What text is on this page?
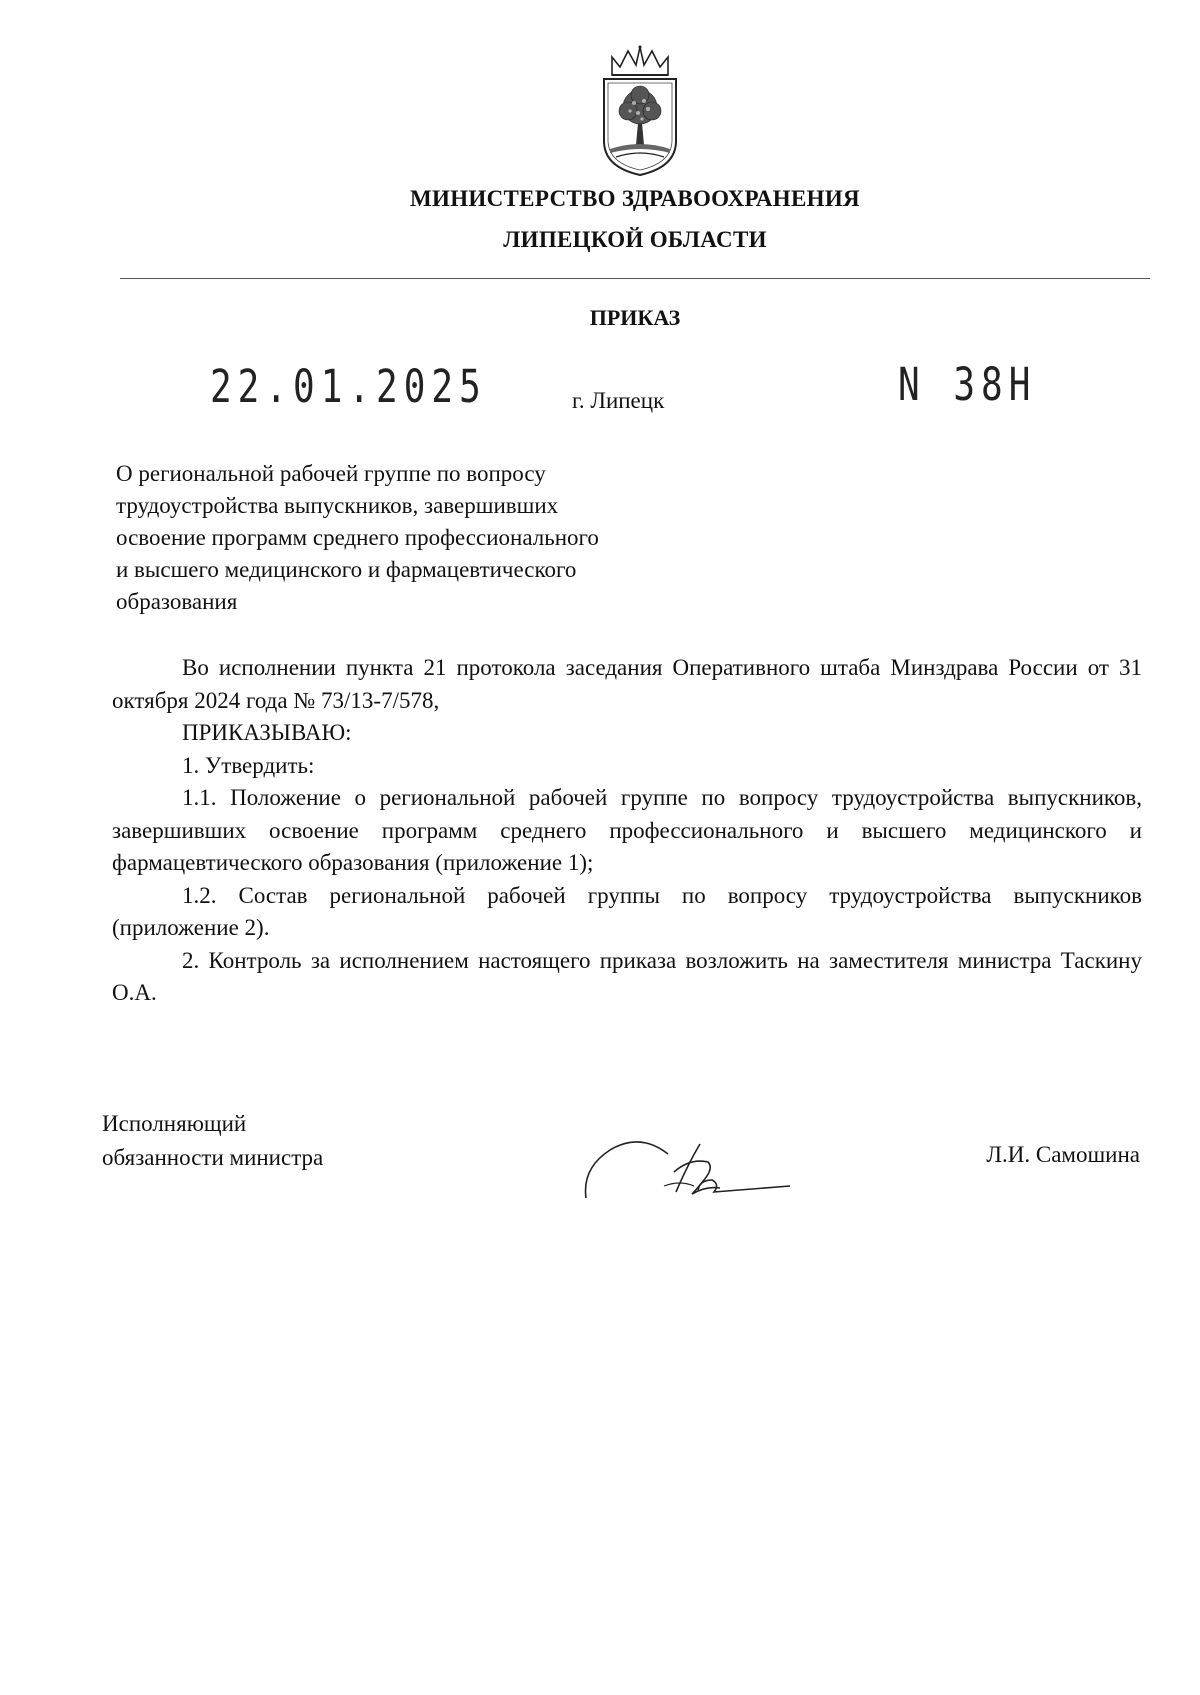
МИНИСТЕРСТВО ЗДРАВООХРАНЕНИЯ
ЛИПЕЦКОЙ ОБЛАСТИ
ПРИКАЗ
22.01.2025	г. Липецк	N 38H
О региональной рабочей группе по вопросу
трудоустройства выпускников, завершивших
освоение программ среднего профессионального
и высшего медицинского и фармацевтического
образования

Во исполнении пункта 21 протокола заседания Оперативного штаба Минздрава России от 31 октября 2024 года № 73/13-7/578,

ПРИКАЗЫВАЮ:

1. Утвердить:

1.1. Положение о региональной рабочей группе по вопросу трудоустройства выпускников, завершивших освоение программ среднего профессионального и высшего медицинского и фармацевтического образования (приложение 1);

1.2. Состав региональной рабочей группы по вопросу трудоустройства выпускников (приложение 2).

2. Контроль за исполнением настоящего приказа возложить на заместителя министра Таскину О.А.

Исполняющий
обязанности министра	Л.И. Самошина
